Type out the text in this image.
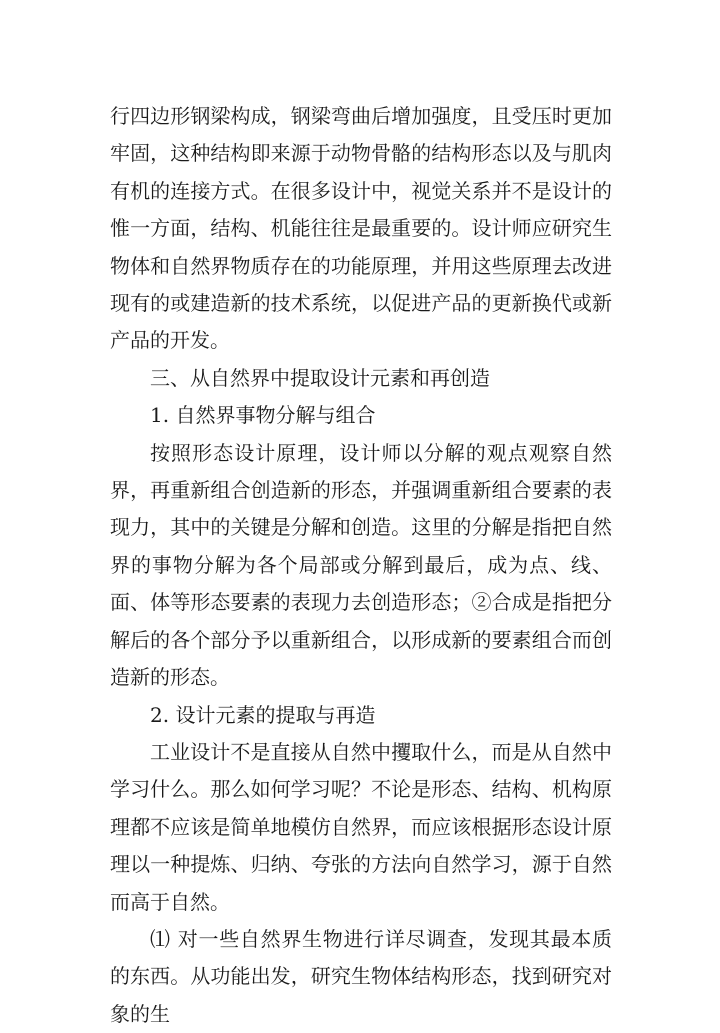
行四边形钢梁构成，钢梁弯曲后增加强度，且受压时更加牢固，这种结构即来源于动物骨骼的结构形态以及与肌肉有机的连接方式。在很多设计中，视觉关系并不是设计的惟一方面，结构、机能往往是最重要的。设计师应研究生物体和自然界物质存在的功能原理，并用这些原理去改进现有的或建造新的技术系统，以促进产品的更新换代或新产品的开发。

三、从自然界中提取设计元素和再创造

1. 自然界事物分解与组合

按照形态设计原理，设计师以分解的观点观察自然界，再重新组合创造新的形态，并强调重新组合要素的表现力，其中的关键是分解和创造。这里的分解是指把自然界的事物分解为各个局部或分解到最后，成为点、线、面、体等形态要素的表现力去创造形态；②合成是指把分解后的各个部分予以重新组合，以形成新的要素组合而创造新的形态。

2. 设计元素的提取与再造

工业设计不是直接从自然中攫取什么，而是从自然中学习什么。那么如何学习呢？不论是形态、结构、机构原理都不应该是简单地模仿自然界，而应该根据形态设计原理以一种提炼、归纳、夸张的方法向自然学习，源于自然而高于自然。

⑴ 对一些自然界生物进行详尽调查，发现其最本质的东西。从功能出发，研究生物体结构形态，找到研究对象的生
